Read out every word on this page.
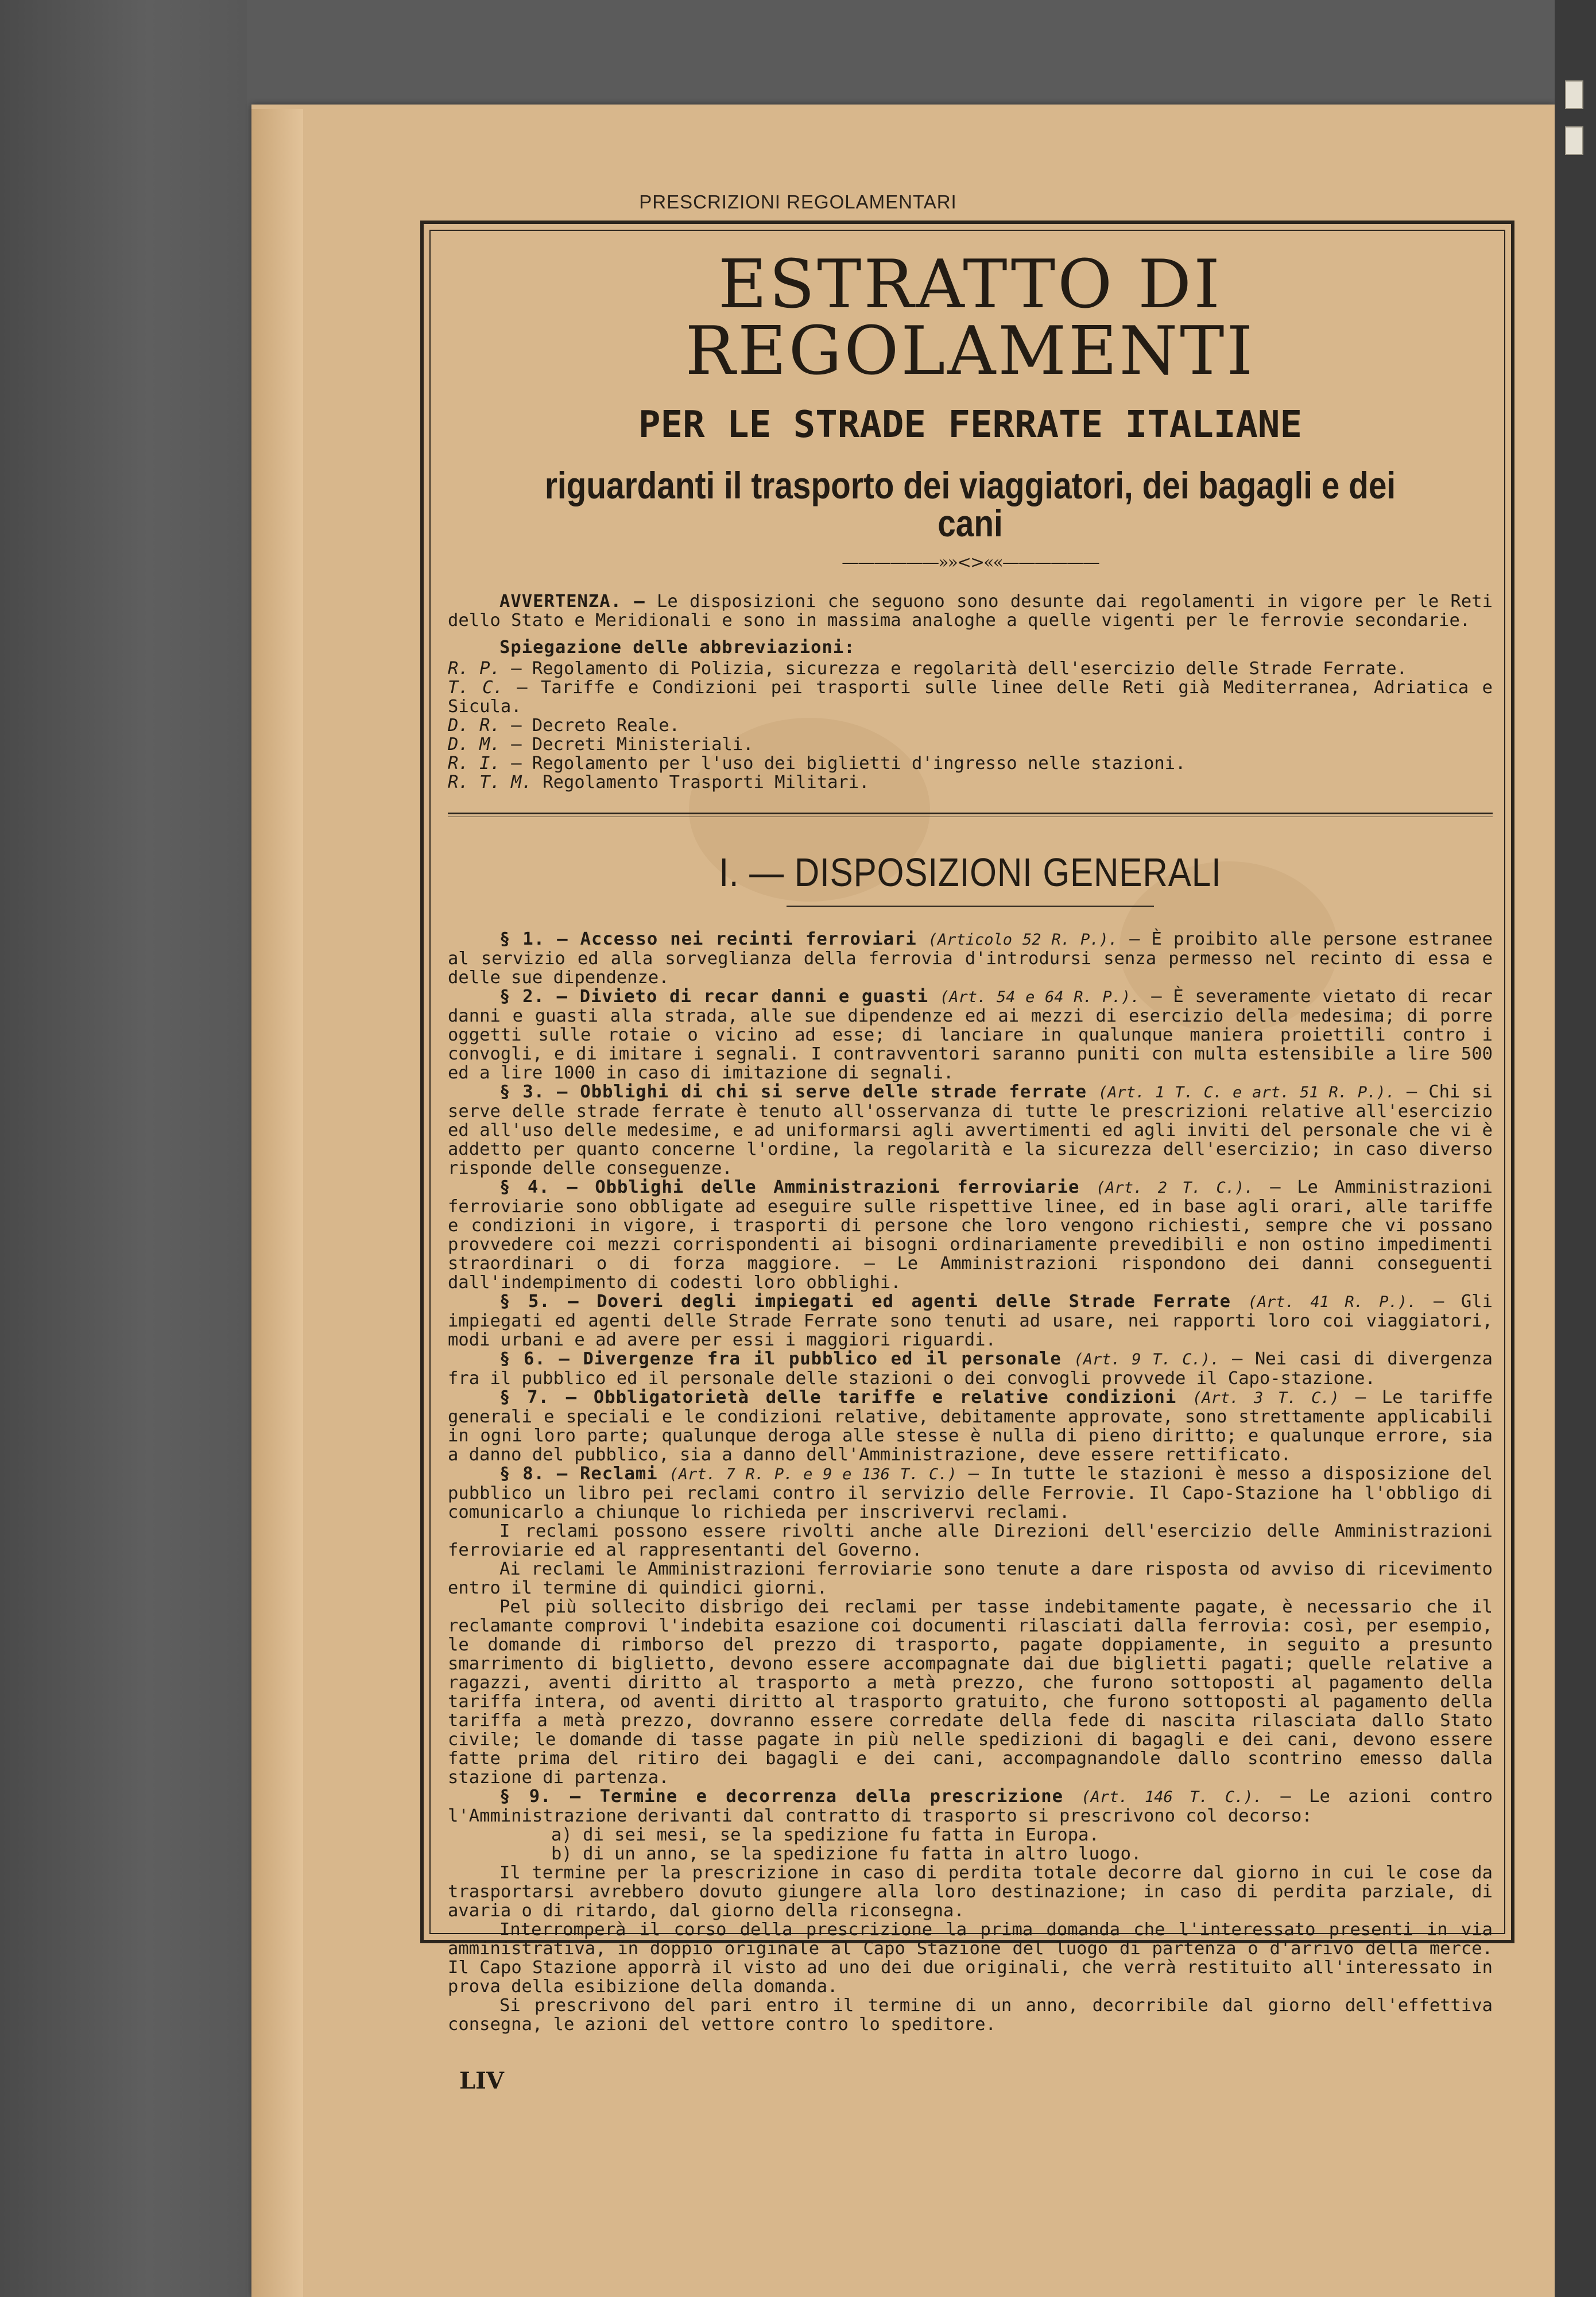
PRESCRIZIONI REGOLAMENTARI
ESTRATTO DI REGOLAMENTI
PER LE STRADE FERRATE ITALIANE
riguardanti il trasporto dei viaggiatori, dei bagagli e dei cani
——————»»<>««——————

AVVERTENZA. — Le disposizioni che seguono sono desunte dai regolamenti in vigore per le Reti dello Stato e Meridionali e sono in massima analoghe a quelle vigenti per le ferrovie secondarie.

Spiegazione delle abbreviazioni:

R. P. — Regolamento di Polizia, sicurezza e regolarità dell'esercizio delle Strade Ferrate.

T. C. — Tariffe e Condizioni pei trasporti sulle linee delle Reti già Mediterranea, Adriatica e Sicula.

D. R. — Decreto Reale.

D. M. — Decreti Ministeriali.

R. I. — Regolamento per l'uso dei biglietti d'ingresso nelle stazioni.

R. T. M. Regolamento Trasporti Militari.

I. — DISPOSIZIONI GENERALI

§ 1. — Accesso nei recinti ferroviari (Articolo 52 R. P.). — È proibito alle persone estranee al servizio ed alla sorveglianza della ferrovia d'introdursi senza permesso nel recinto di essa e delle sue dipendenze.

§ 2. — Divieto di recar danni e guasti (Art. 54 e 64 R. P.). — È severamente vietato di recar danni e guasti alla strada, alle sue dipendenze ed ai mezzi di esercizio della medesima; di porre oggetti sulle rotaie o vicino ad esse; di lanciare in qualunque maniera proiettili contro i convogli, e di imitare i segnali. I contravventori saranno puniti con multa estensibile a lire 500 ed a lire 1000 in caso di imitazione di segnali.

§ 3. — Obblighi di chi si serve delle strade ferrate (Art. 1 T. C. e art. 51 R. P.). — Chi si serve delle strade ferrate è tenuto all'osservanza di tutte le prescrizioni relative all'esercizio ed all'uso delle medesime, e ad uniformarsi agli avvertimenti ed agli inviti del personale che vi è addetto per quanto concerne l'ordine, la regolarità e la sicurezza dell'esercizio; in caso diverso risponde delle conseguenze.

§ 4. — Obblighi delle Amministrazioni ferroviarie (Art. 2 T. C.). — Le Amministrazioni ferroviarie sono obbligate ad eseguire sulle rispettive linee, ed in base agli orari, alle tariffe e condizioni in vigore, i trasporti di persone che loro vengono richiesti, sempre che vi possano provvedere coi mezzi corrispondenti ai bisogni ordinariamente prevedibili e non ostino impedimenti straordinari o di forza maggiore. — Le Amministrazioni rispondono dei danni conseguenti dall'indempimento di codesti loro obblighi.

§ 5. — Doveri degli impiegati ed agenti delle Strade Ferrate (Art. 41 R. P.). — Gli impiegati ed agenti delle Strade Ferrate sono tenuti ad usare, nei rapporti loro coi viaggiatori, modi urbani e ad avere per essi i maggiori riguardi.

§ 6. — Divergenze fra il pubblico ed il personale (Art. 9 T. C.). — Nei casi di divergenza fra il pubblico ed il personale delle stazioni o dei convogli provvede il Capo-stazione.

§ 7. — Obbligatorietà delle tariffe e relative condizioni (Art. 3 T. C.) — Le tariffe generali e speciali e le condizioni relative, debitamente approvate, sono strettamente applicabili in ogni loro parte; qualunque deroga alle stesse è nulla di pieno diritto; e qualunque errore, sia a danno del pubblico, sia a danno dell'Amministrazione, deve essere rettificato.

§ 8. — Reclami (Art. 7 R. P. e 9 e 136 T. C.) — In tutte le stazioni è messo a disposizione del pubblico un libro pei reclami contro il servizio delle Ferrovie. Il Capo-Stazione ha l'obbligo di comunicarlo a chiunque lo richieda per inscrivervi reclami.

I reclami possono essere rivolti anche alle Direzioni dell'esercizio delle Amministrazioni ferroviarie ed al rappresentanti del Governo.

Ai reclami le Amministrazioni ferroviarie sono tenute a dare risposta od avviso di ricevimento entro il termine di quindici giorni.

Pel più sollecito disbrigo dei reclami per tasse indebitamente pagate, è necessario che il reclamante comprovi l'indebita esazione coi documenti rilasciati dalla ferrovia: così, per esempio, le domande di rimborso del prezzo di trasporto, pagate doppiamente, in seguito a presunto smarrimento di biglietto, devono essere accompagnate dai due biglietti pagati; quelle relative a ragazzi, aventi diritto al trasporto a metà prezzo, che furono sottoposti al pagamento della tariffa intera, od aventi diritto al trasporto gratuito, che furono sottoposti al pagamento della tariffa a metà prezzo, dovranno essere corredate della fede di nascita rilasciata dallo Stato civile; le domande di tasse pagate in più nelle spedizioni di bagagli e dei cani, devono essere fatte prima del ritiro dei bagagli e dei cani, accompagnandole dallo scontrino emesso dalla stazione di partenza.

§ 9. — Termine e decorrenza della prescrizione (Art. 146 T. C.). — Le azioni contro l'Amministrazione derivanti dal contratto di trasporto si prescrivono col decorso:

a) di sei mesi, se la spedizione fu fatta in Europa.

b) di un anno, se la spedizione fu fatta in altro luogo.

Il termine per la prescrizione in caso di perdita totale decorre dal giorno in cui le cose da trasportarsi avrebbero dovuto giungere alla loro destinazione; in caso di perdita parziale, di avaria o di ritardo, dal giorno della riconsegna.

Interromperà il corso della prescrizione la prima domanda che l'interessato presenti in via amministrativa, in doppio originale al Capo Stazione del luogo di partenza o d'arrivo della merce. Il Capo Stazione apporrà il visto ad uno dei due originali, che verrà restituito all'interessato in prova della esibizione della domanda.

Si prescrivono del pari entro il termine di un anno, decorribile dal giorno dell'effettiva consegna, le azioni del vettore contro lo speditore.

LIV
